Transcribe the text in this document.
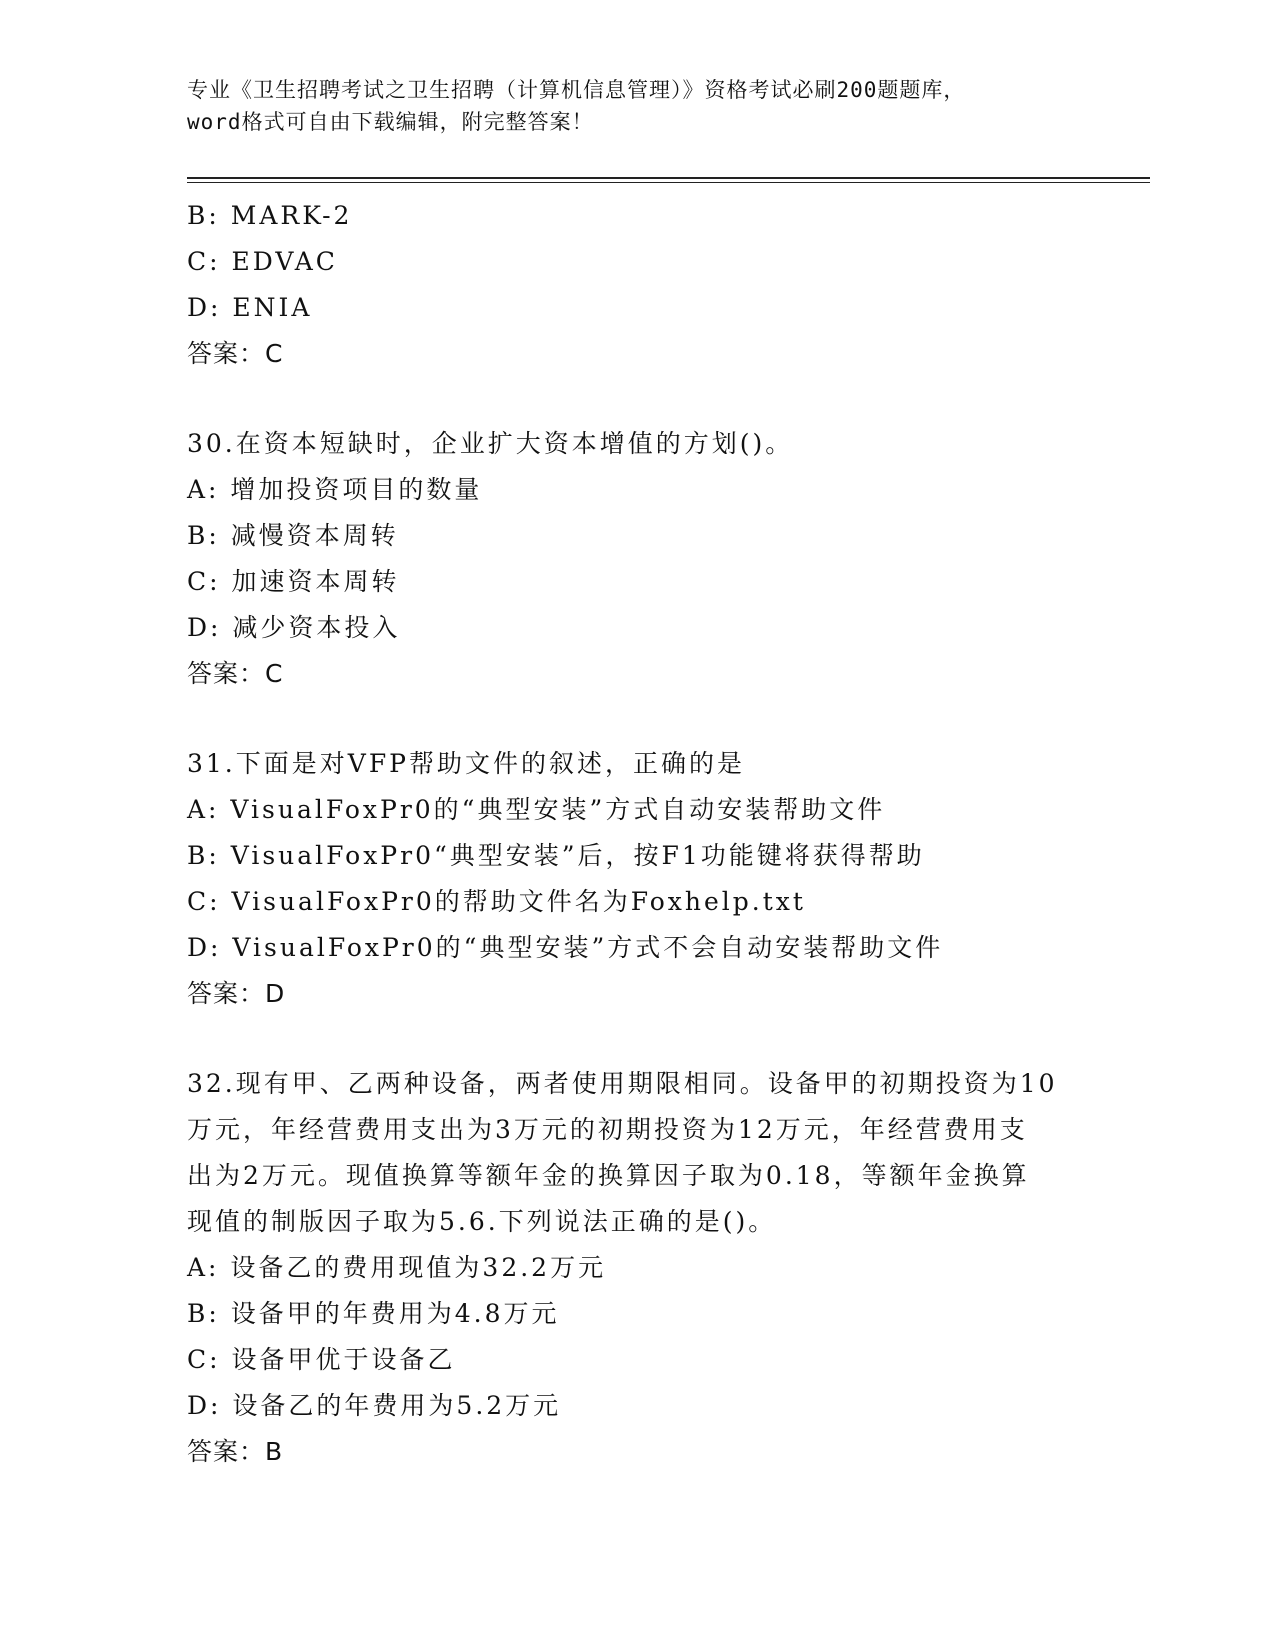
专业《卫生招聘考试之卫生招聘（计算机信息管理）》资格考试必刷200题题库，
word格式可自由下载编辑，附完整答案！
B: MARK-2
C: EDVAC
D: ENIA
答案：C
30.在资本短缺时，企业扩大资本增值的方划()。
A: 增加投资项目的数量
B: 减慢资本周转
C: 加速资本周转
D: 减少资本投入
答案：C
31.下面是对VFP帮助文件的叙述，正确的是
A: VisualFoxPr0的“典型安装”方式自动安装帮助文件
B: VisualFoxPr0“典型安装”后，按F1功能键将获得帮助
C: VisualFoxPr0的帮助文件名为Foxhelp.txt
D: VisualFoxPr0的“典型安装”方式不会自动安装帮助文件
答案：D
32.现有甲、乙两种设备，两者使用期限相同。设备甲的初期投资为10
万元，年经营费用支出为3万元的初期投资为12万元，年经营费用支
出为2万元。现值换算等额年金的换算因子取为0.18，等额年金换算
现值的制版因子取为5.6.下列说法正确的是()。
A: 设备乙的费用现值为32.2万元
B: 设备甲的年费用为4.8万元
C: 设备甲优于设备乙
D: 设备乙的年费用为5.2万元
答案：B
